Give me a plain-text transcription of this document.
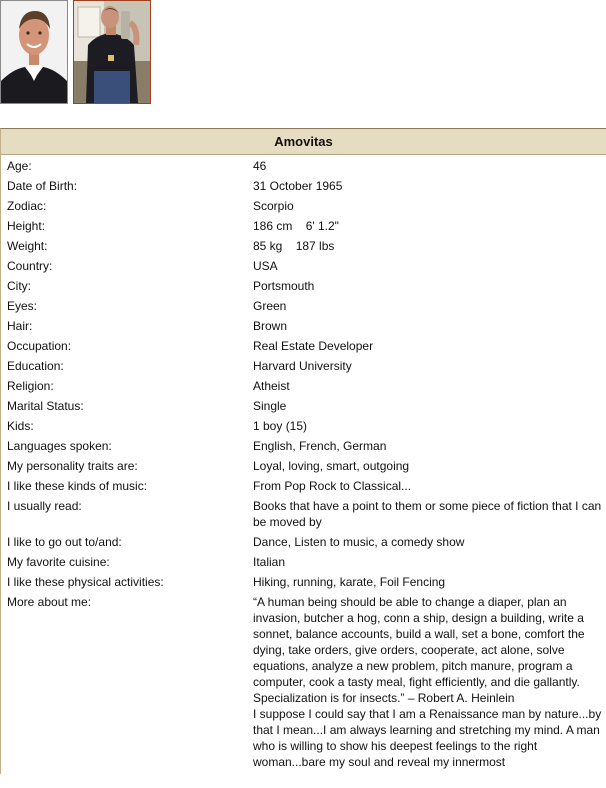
Amovitas
Age:	46
Date of Birth:	31 October 1965
Zodiac:	Scorpio
Height:	186 cm    6' 1.2"
Weight:	85 kg    187 lbs
Country:	USA
City:	Portsmouth
Eyes:	Green
Hair:	Brown
Occupation:	Real Estate Developer
Education:	Harvard University
Religion:	Atheist
Marital Status:	Single
Kids:	1 boy (15)
Languages spoken:	English, French, German
My personality traits are:	Loyal, loving, smart, outgoing
I like these kinds of music:	From Pop Rock to Classical...
I usually read:	Books that have a point to them or some piece of fiction that I can be moved by
I like to go out to/and:	Dance, Listen to music, a comedy show
My favorite cuisine:	Italian
I like these physical activities:	Hiking, running, karate, Foil Fencing
More about me:	“A human being should be able to change a diaper, plan an invasion, butcher a hog, conn a ship, design a building, write a sonnet, balance accounts, build a wall, set a bone, comfort the dying, take orders, give orders, cooperate, act alone, solve equations, analyze a new problem, pitch manure, program a computer, cook a tasty meal, fight efficiently, and die gallantly. Specialization is for insects.” – Robert A. Heinlein

I suppose I could say that I am a Renaissance man by nature...by that I mean...I am always learning and stretching my mind. A man who is willing to show his deepest feelings to the right woman...bare my soul and reveal my innermost
